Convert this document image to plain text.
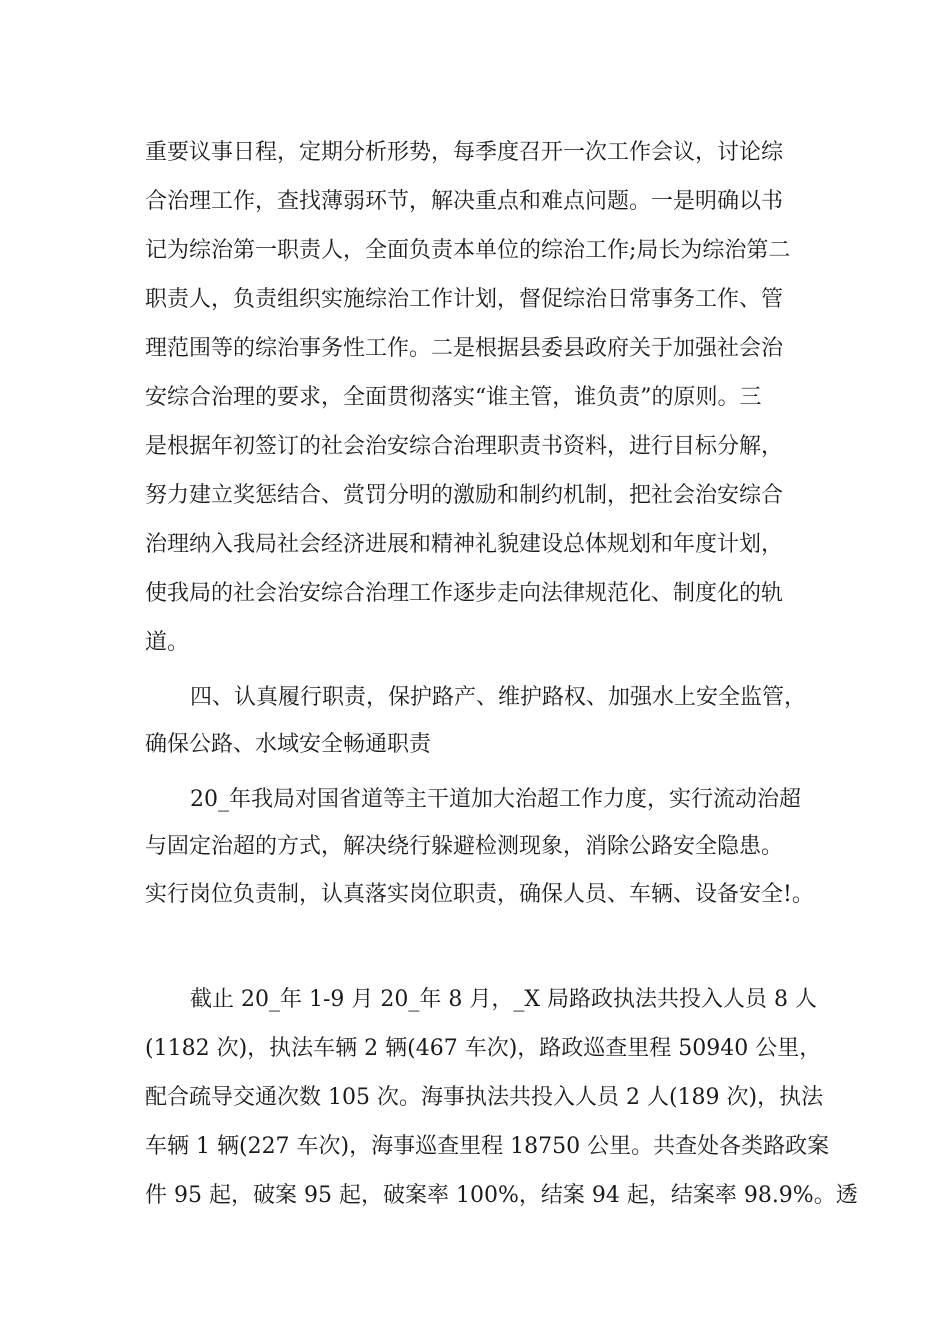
重要议事日程，定期分析形势，每季度召开一次工作会议，讨论综

合治理工作，查找薄弱环节，解决重点和难点问题。一是明确以书

记为综治第一职责人，全面负责本单位的综治工作;局长为综治第二

职责人，负责组织实施综治工作计划，督促综治日常事务工作、管

理范围等的综治事务性工作。二是根据县委县政府关于加强社会治

安综合治理的要求，全面贯彻落实“谁主管，谁负责”的原则。三

是根据年初签订的社会治安综合治理职责书资料，进行目标分解，

努力建立奖惩结合、赏罚分明的激励和制约机制，把社会治安综合

治理纳入我局社会经济进展和精神礼貌建设总体规划和年度计划，

使我局的社会治安综合治理工作逐步走向法律规范化、制度化的轨

道。

四、认真履行职责，保护路产、维护路权、加强水上安全监管，

确保公路、水域安全畅通职责

20_年我局对国省道等主干道加大治超工作力度，实行流动治超

与固定治超的方式，解决绕行躲避检测现象，消除公路安全隐患。

实行岗位负责制，认真落实岗位职责，确保人员、车辆、设备安全!。

截止 20_年 1-9 月 20_年 8 月，_X 局路政执法共投入人员 8 人

(1182 次)，执法车辆 2 辆(467 车次)，路政巡查里程 50940 公里，

配合疏导交通次数 105 次。海事执法共投入人员 2 人(189 次)，执法

车辆 1 辆(227 车次)，海事巡查里程 18750 公里。共查处各类路政案

件 95 起，破案 95 起，破案率 100%，结案 94 起，结案率 98.9%。透
